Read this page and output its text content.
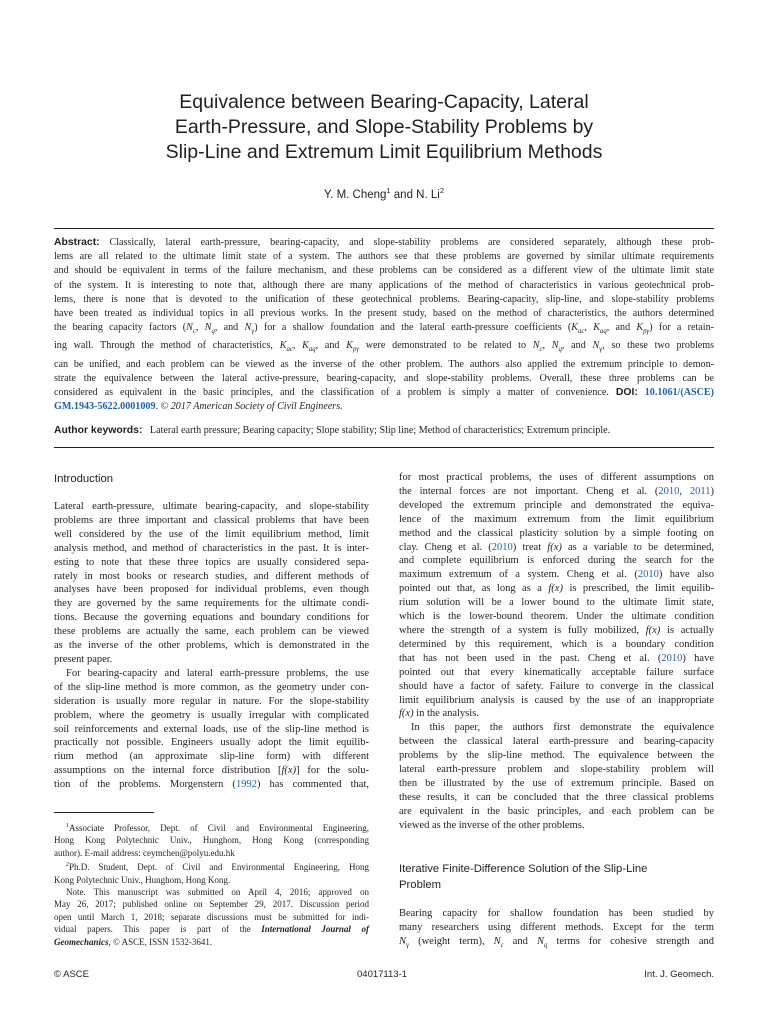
Equivalence between Bearing-Capacity, Lateral
Earth-Pressure, and Slope-Stability Problems by
Slip-Line and Extremum Limit Equilibrium Methods
Y. M. Cheng$^1$ and N. Li$^2$
Abstract: Classically, lateral earth-pressure, bearing-capacity, and slope-stability problems are considered separately, although these prob-
lems are all related to the ultimate limit state of a system. The authors see that these problems are governed by similar ultimate requirements
and should be equivalent in terms of the failure mechanism, and these problems can be considered as a different view of the ultimate limit state
of the system. It is interesting to note that, although there are many applications of the method of characteristics in various geotechnical prob-
lems, there is none that is devoted to the unification of these geotechnical problems. Bearing-capacity, slip-line, and slope-stability problems
have been treated as individual topics in all previous works. In the present study, based on the method of characteristics, the authors determined
the bearing capacity factors ($N_c$, $N_q$, and $N_\gamma$) for a shallow foundation and the lateral earth-pressure coefficients ($K_{ac}$, $K_{aq}$, and $K_{p\gamma}$) for a retain-
ing wall. Through the method of characteristics, $K_{ac}$, $K_{aq}$, and $K_{p\gamma}$ were demonstrated to be related to $N_c$, $N_q$, and $N_\gamma$, so these two problems
can be unified, and each problem can be viewed as the inverse of the other problem. The authors also applied the extremum principle to demon-
strate the equivalence between the lateral active-pressure, bearing-capacity, and slope-stability problems. Overall, these three problems can be
considered as equivalent in the basic principles, and the classification of a problem is simply a matter of convenience. DOI: 10.1061/(ASCE)
GM.1943-5622.0001009. © 2017 American Society of Civil Engineers.
Author keywords: Lateral earth pressure; Bearing capacity; Slope stability; Slip line; Method of characteristics; Extremum principle.
Introduction
Lateral earth-pressure, ultimate bearing-capacity, and slope-stability
problems are three important and classical problems that have been
well considered by the use of the limit equilibrium method, limit
analysis method, and method of characteristics in the past. It is inter-
esting to note that these three topics are usually considered sepa-
rately in most books or research studies, and different methods of
analyses have been proposed for individual problems, even though
they are governed by the same requirements for the ultimate condi-
tions. Because the governing equations and boundary conditions for
these problems are actually the same, each problem can be viewed
as the inverse of the other problems, which is demonstrated in the
present paper.
For bearing-capacity and lateral earth-pressure problems, the use
of the slip-line method is more common, as the geometry under con-
sideration is usually more regular in nature. For the slope-stability
problem, where the geometry is usually irregular with complicated
soil reinforcements and external loads, use of the slip-line method is
practically not possible. Engineers usually adopt the limit equilib-
rium method (an approximate slip-line form) with different
assumptions on the internal force distribution [f(x)] for the solu-
tion of the problems. Morgenstern (1992) has commented that,
$^1$Associate Professor, Dept. of Civil and Environmental Engineering,
Hong Kong Polytechnic Univ., Hunghom, Hong Kong (corresponding
author). E-mail address: ceymchen@polyu.edu.hk
$^2$Ph.D. Student, Dept. of Civil and Environmental Engineering, Hong
Kong Polytechnic Univ., Hunghom, Hong Kong.
Note. This manuscript was submitted on April 4, 2016; approved on
May 26, 2017; published online on September 29, 2017. Discussion period
open until March 1, 2018; separate discussions must be submitted for indi-
vidual papers. This paper is part of the International Journal of
Geomechanics, © ASCE, ISSN 1532-3641.
for most practical problems, the uses of different assumptions on
the internal forces are not important. Cheng et al. (2010, 2011)
developed the extremum principle and demonstrated the equiva-
lence of the maximum extremum from the limit equilibrium
method and the classical plasticity solution by a simple footing on
clay. Cheng et al. (2010) treat f(x) as a variable to be determined,
and complete equilibrium is enforced during the search for the
maximum extremum of a system. Cheng et al. (2010) have also
pointed out that, as long as a f(x) is prescribed, the limit equilib-
rium solution will be a lower bound to the ultimate limit state,
which is the lower-bound theorem. Under the ultimate condition
where the strength of a system is fully mobilized, f(x) is actually
determined by this requirement, which is a boundary condition
that has not been used in the past. Cheng et al. (2010) have
pointed out that every kinematically acceptable failure surface
should have a factor of safety. Failure to converge in the classical
limit equilibrium analysis is caused by the use of an inappropriate
f(x) in the analysis.
In this paper, the authors first demonstrate the equivalence
between the classical lateral earth-pressure and bearing-capacity
problems by the slip-line method. The equivalence between the
lateral earth-pressure problem and slope-stability problem will
then be illustrated by the use of extremum principle. Based on
these results, it can be concluded that the three classical problems
are equivalent in the basic principles, and each problem can be
viewed as the inverse of the other problems.
Iterative Finite-Difference Solution of the Slip-Line
Problem
Bearing capacity for shallow foundation has been studied by
many researchers using different methods. Except for the term
$N_\gamma$ (weight term), $N_c$ and $N_q$ terms for cohesive strength and
© ASCE	04017113-1	Int. J. Geomech.
